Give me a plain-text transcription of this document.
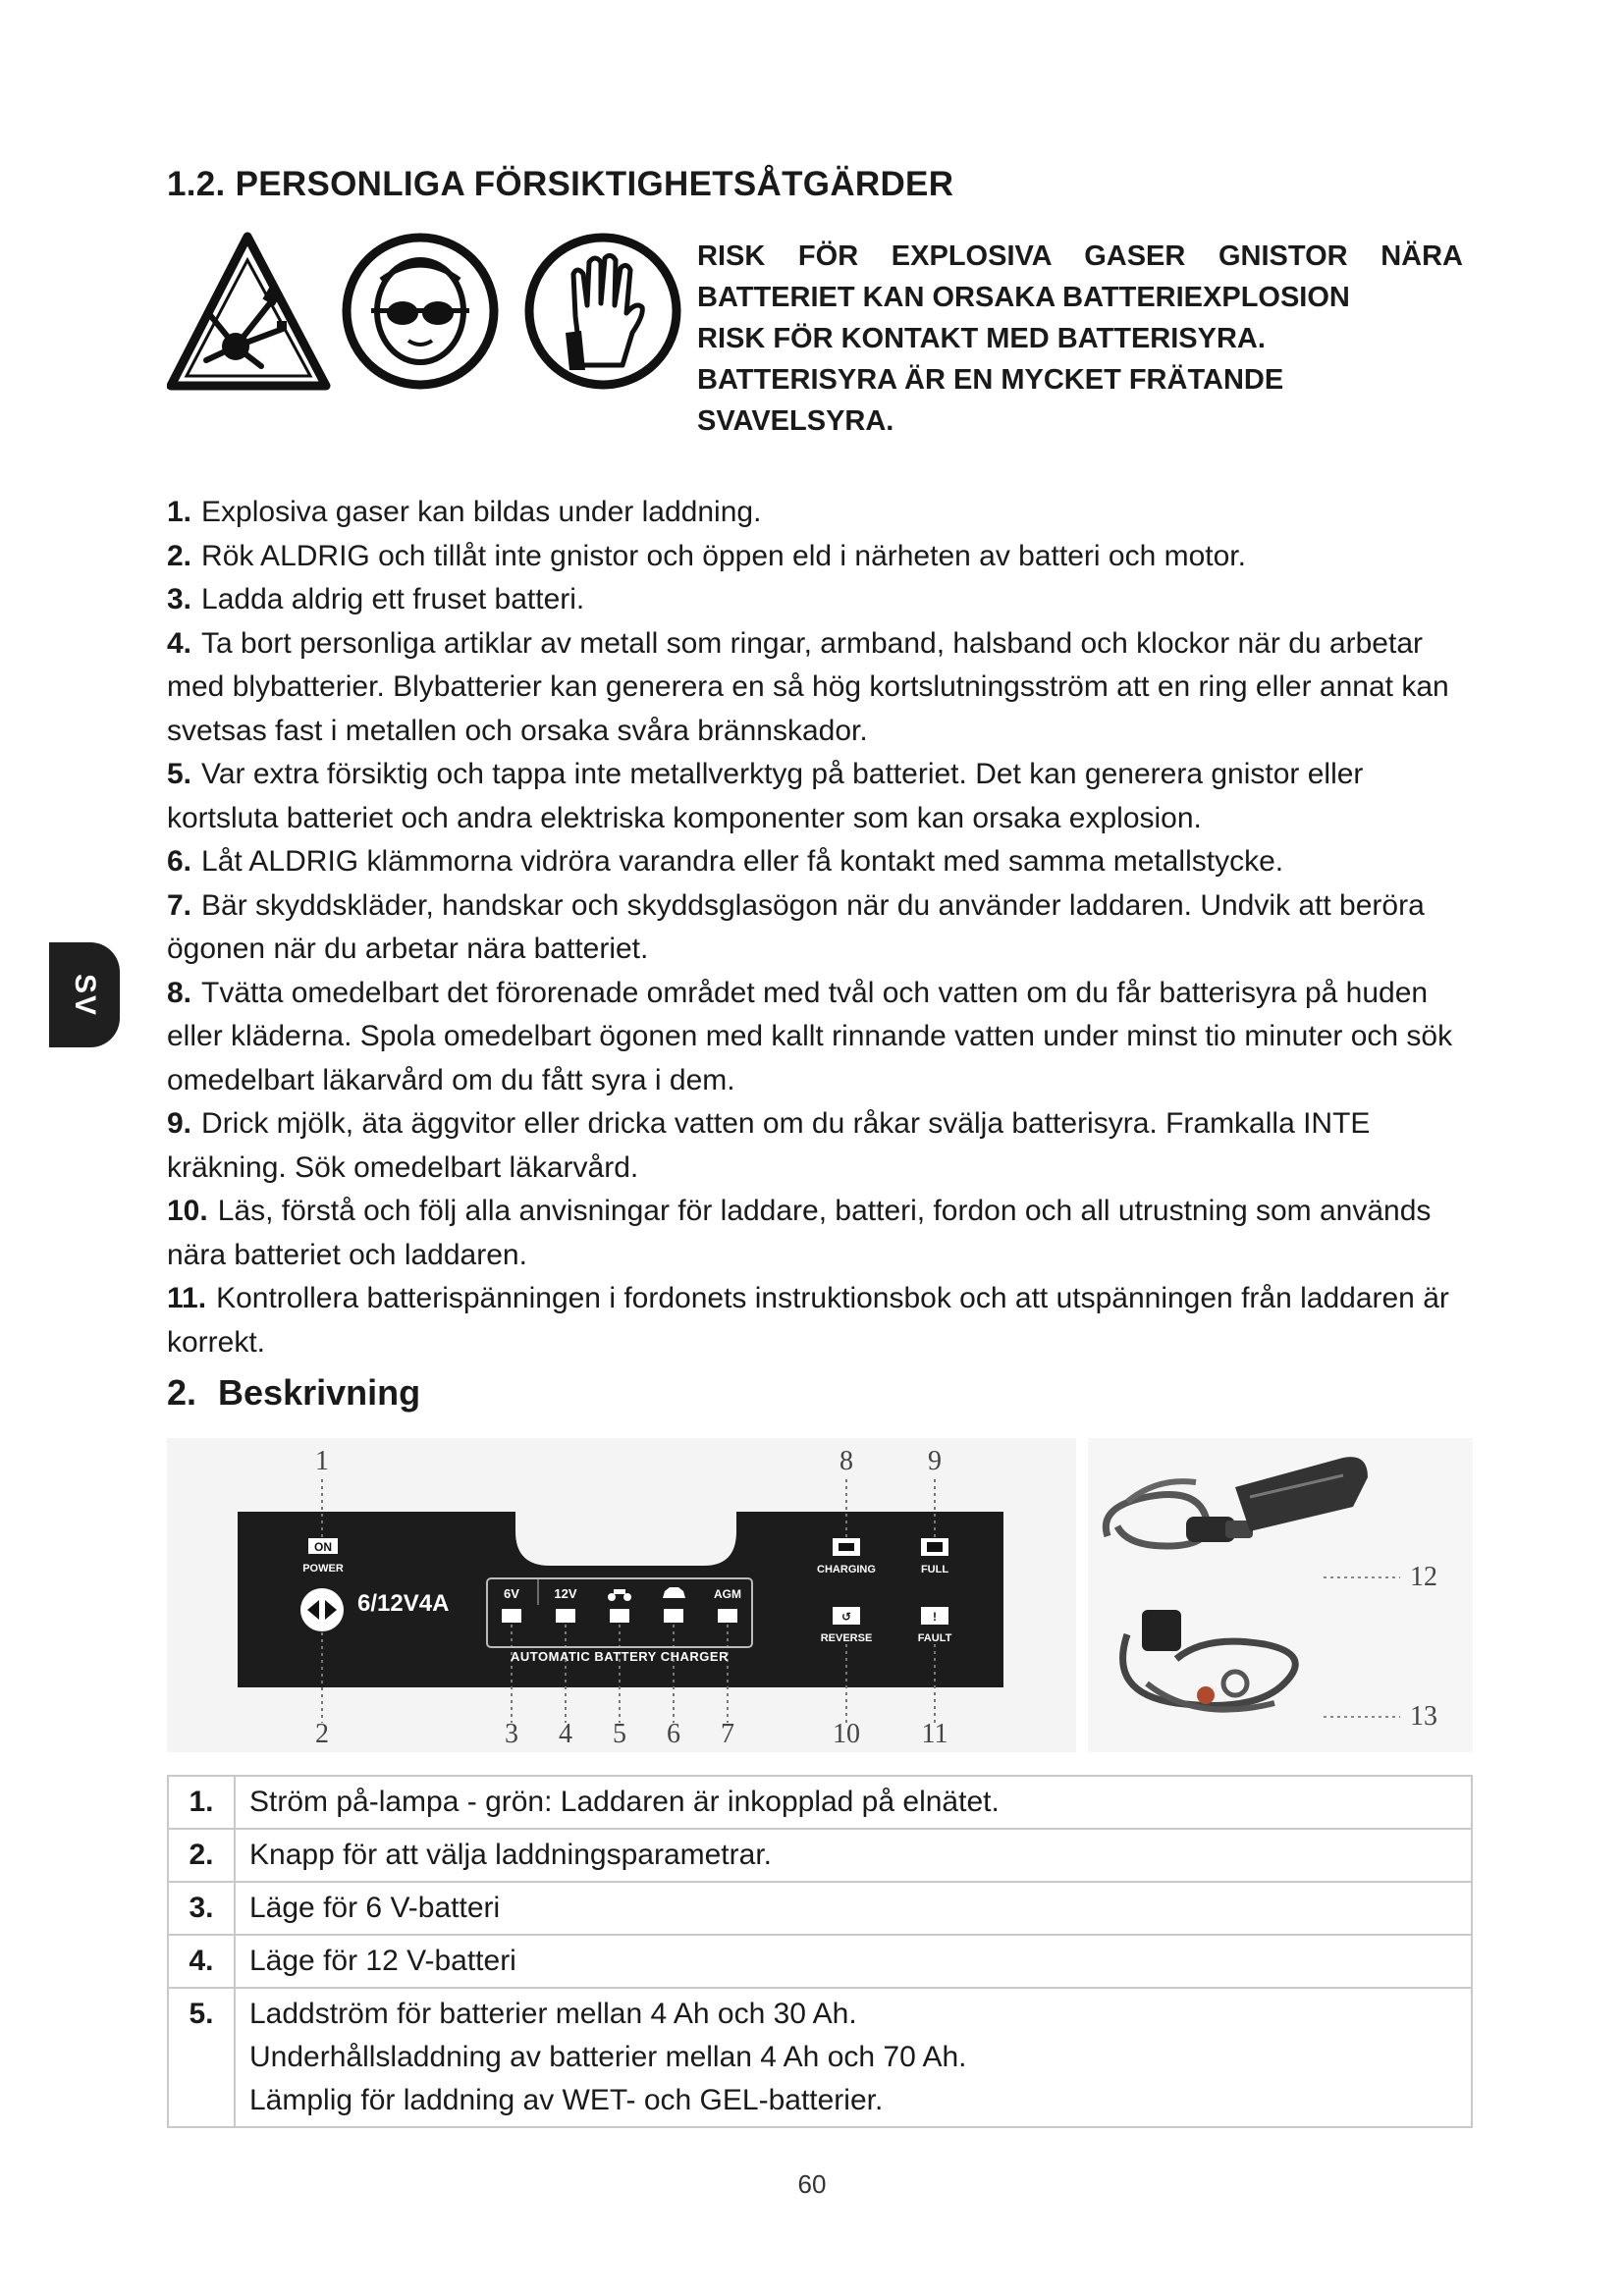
1.2. PERSONLIGA FÖRSIKTIGHETSÅTGÄRDER
RISK FÖR EXPLOSIVA GASER GNISTOR NÄRA
BATTERIET KAN ORSAKA BATTERIEXPLOSION
RISK FÖR KONTAKT MED BATTERISYRA.
BATTERISYRA ÄR EN MYCKET FRÄTANDE
SVAVELSYRA.
1. Explosiva gaser kan bildas under laddning.
2. Rök ALDRIG och tillåt inte gnistor och öppen eld i närheten av batteri och motor.
3. Ladda aldrig ett fruset batteri.
4. Ta bort personliga artiklar av metall som ringar, armband, halsband och klockor när du arbetar med blybatterier. Blybatterier kan generera en så hög kortslutningsström att en ring eller annat kan svetsas fast i metallen och orsaka svåra brännskador.
5. Var extra försiktig och tappa inte metallverktyg på batteriet. Det kan generera gnistor eller kortsluta batteriet och andra elektriska komponenter som kan orsaka explosion.
6. Låt ALDRIG klämmorna vidröra varandra eller få kontakt med samma metallstycke.
7. Bär skyddskläder, handskar och skyddsglasögon när du använder laddaren. Undvik att beröra ögonen när du arbetar nära batteriet.
8. Tvätta omedelbart det förorenade området med tvål och vatten om du får batterisyra på huden eller kläderna. Spola omedelbart ögonen med kallt rinnande vatten under minst tio minuter och sök omedelbart läkarvård om du fått syra i dem.
9. Drick mjölk, äta äggvitor eller dricka vatten om du råkar svälja batterisyra. Framkalla INTE kräkning. Sök omedelbart läkarvård.
10. Läs, förstå och följ alla anvisningar för laddare, batteri, fordon och all utrustning som används nära batteriet och laddaren.
11. Kontrollera batterispänningen i fordonets instruktionsbok och att utspänningen från laddaren är korrekt.
SV
2. Beskrivning
1	8	9
ON
POWER
6/12V4A	6V	12V	AGM
AUTOMATIC BATTERY CHARGER
CHARGING	FULL
↺
REVERSE
!
FAULT
2	3 4 5 6 7	10 11
12
13
1.	Ström på-lampa - grön: Laddaren är inkopplad på elnätet.

2.	Knapp för att välja laddningsparametrar.

3.	Läge för 6 V-batteri

4.	Läge för 12 V-batteri

5.	Laddström för batterier mellan 4 Ah och 30 Ah.
Underhållsladdning av batterier mellan 4 Ah och 70 Ah.
Lämplig för laddning av WET- och GEL-batterier.
60
